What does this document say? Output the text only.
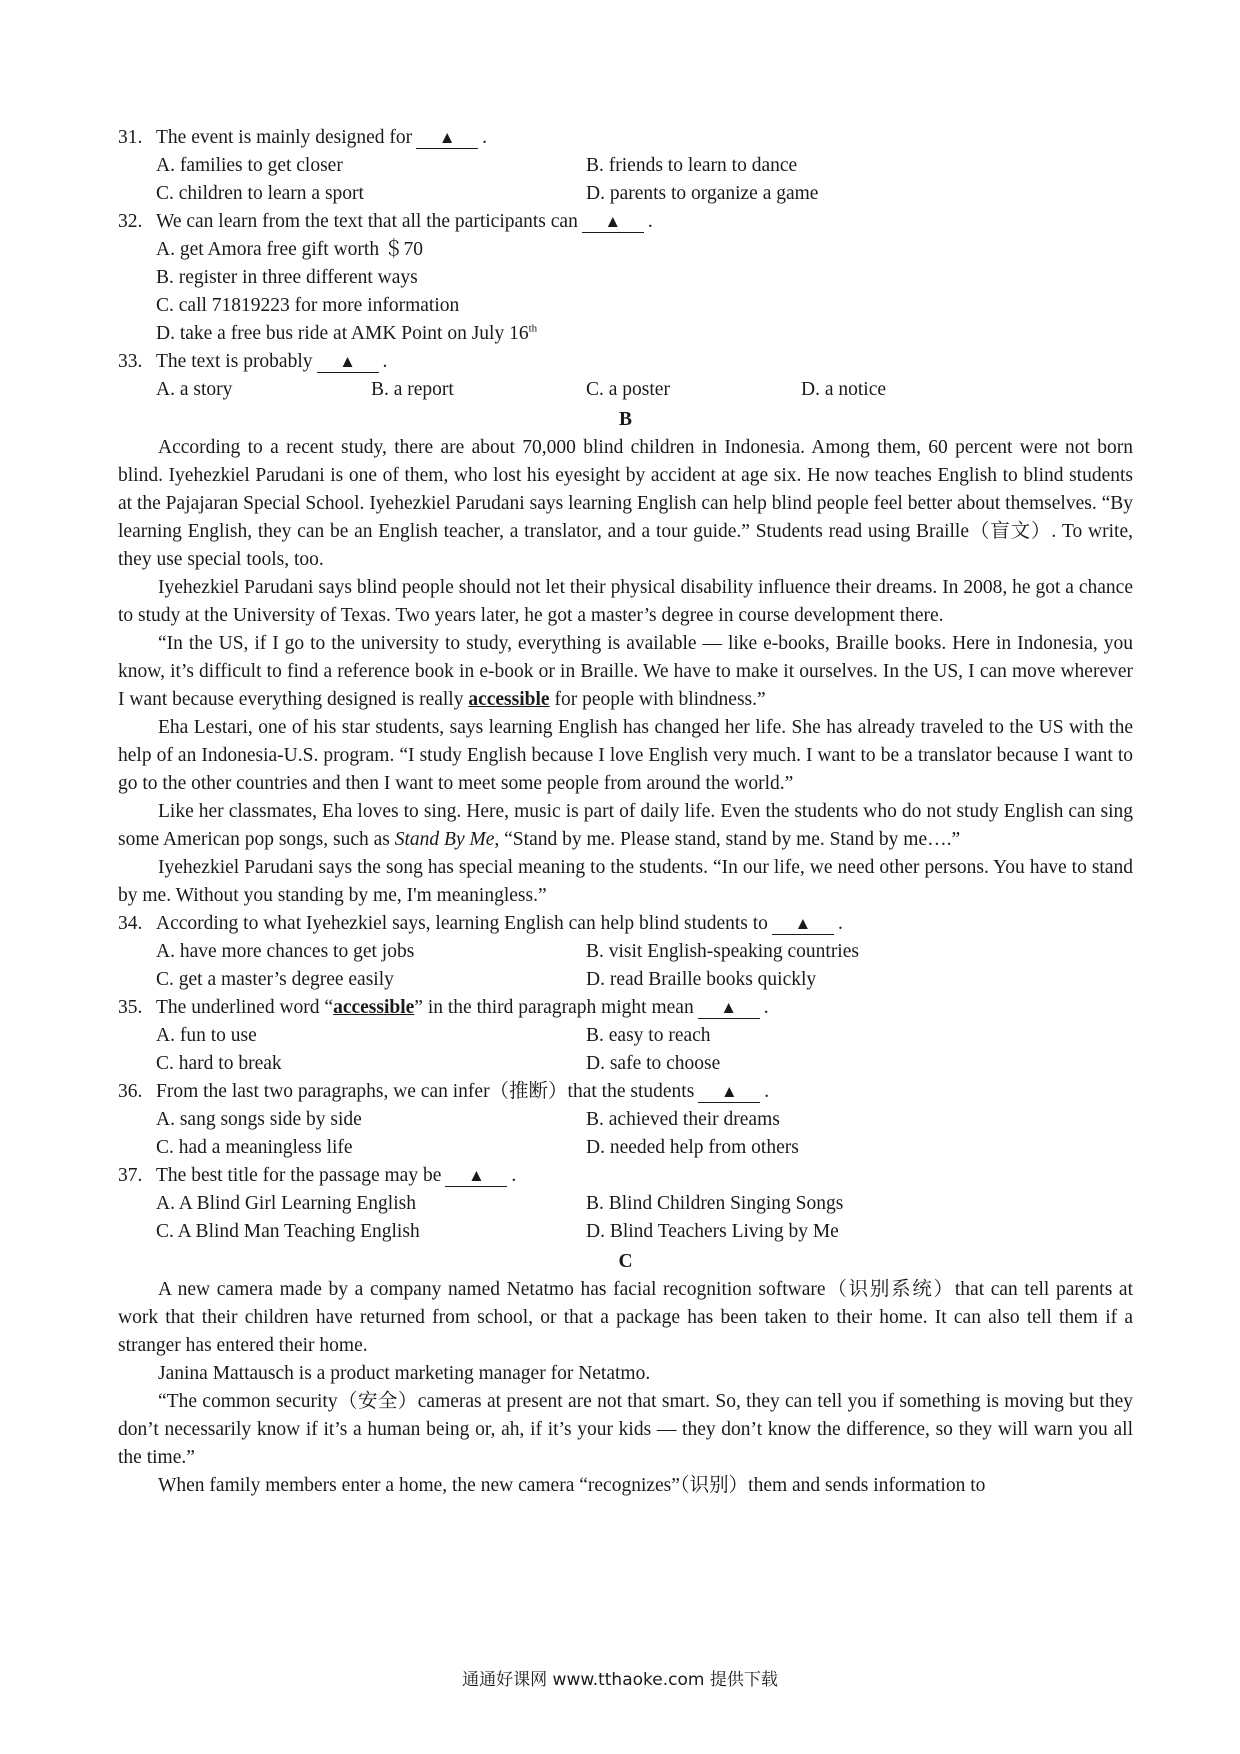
31. The event is mainly designed for ▲ .
A. families to get closer	B. friends to learn to dance
C. children to learn a sport	D. parents to organize a game
32. We can learn from the text that all the participants can ▲ .
A. get Amora free gift worth ＄70
B. register in three different ways
C. call 71819223 for more information
D. take a free bus ride at AMK Point on July 16th
33. The text is probably ▲ .
A. a story	B. a report	C. a poster	D. a notice
B

According to a recent study, there are about 70,000 blind children in Indonesia. Among them, 60 percent were not born blind. Iyehezkiel Parudani is one of them, who lost his eyesight by accident at age six. He now teaches English to blind students at the Pajajaran Special School. Iyehezkiel Parudani says learning English can help blind people feel better about themselves. “By learning English, they can be an English teacher, a translator, and a tour guide.” Students read using Braille（盲文）. To write, they use special tools, too.

Iyehezkiel Parudani says blind people should not let their physical disability influence their dreams. In 2008, he got a chance to study at the University of Texas. Two years later, he got a master’s degree in course development there.

“In the US, if I go to the university to study, everything is available — like e-books, Braille books. Here in Indonesia, you know, it’s difficult to find a reference book in e-book or in Braille. We have to make it ourselves. In the US, I can move wherever I want because everything designed is really accessible for people with blindness.”

Eha Lestari, one of his star students, says learning English has changed her life. She has already traveled to the US with the help of an Indonesia-U.S. program. “I study English because I love English very much. I want to be a translator because I want to go to the other countries and then I want to meet some people from around the world.”

Like her classmates, Eha loves to sing. Here, music is part of daily life. Even the students who do not study English can sing some American pop songs, such as Stand By Me, “Stand by me. Please stand, stand by me. Stand by me….”

Iyehezkiel Parudani says the song has special meaning to the students. “In our life, we need other persons. You have to stand by me. Without you standing by me, I'm meaningless.”

34. According to what Iyehezkiel says, learning English can help blind students to ▲ .
A. have more chances to get jobs	B. visit English-speaking countries
C. get a master’s degree easily	D. read Braille books quickly
35. The underlined word “accessible” in the third paragraph might mean ▲ .
A. fun to use	B. easy to reach
C. hard to break	D. safe to choose
36. From the last two paragraphs, we can infer（推断）that the students ▲ .
A. sang songs side by side	B. achieved their dreams
C. had a meaningless life	D. needed help from others
37. The best title for the passage may be ▲ .
A. A Blind Girl Learning English	B. Blind Children Singing Songs
C. A Blind Man Teaching English	D. Blind Teachers Living by Me
C

A new camera made by a company named Netatmo has facial recognition software（识别系统）that can tell parents at work that their children have returned from school, or that a package has been taken to their home. It can also tell them if a stranger has entered their home.

Janina Mattausch is a product marketing manager for Netatmo.

“The common security（安全）cameras at present are not that smart. So, they can tell you if something is moving but they don’t necessarily know if it’s a human being or, ah, if it’s your kids — they don’t know the difference, so they will warn you all the time.”

When family members enter a home, the new camera “recognizes”（识别）them and sends information to

通通好课网 www.tthaoke.com 提供下载
